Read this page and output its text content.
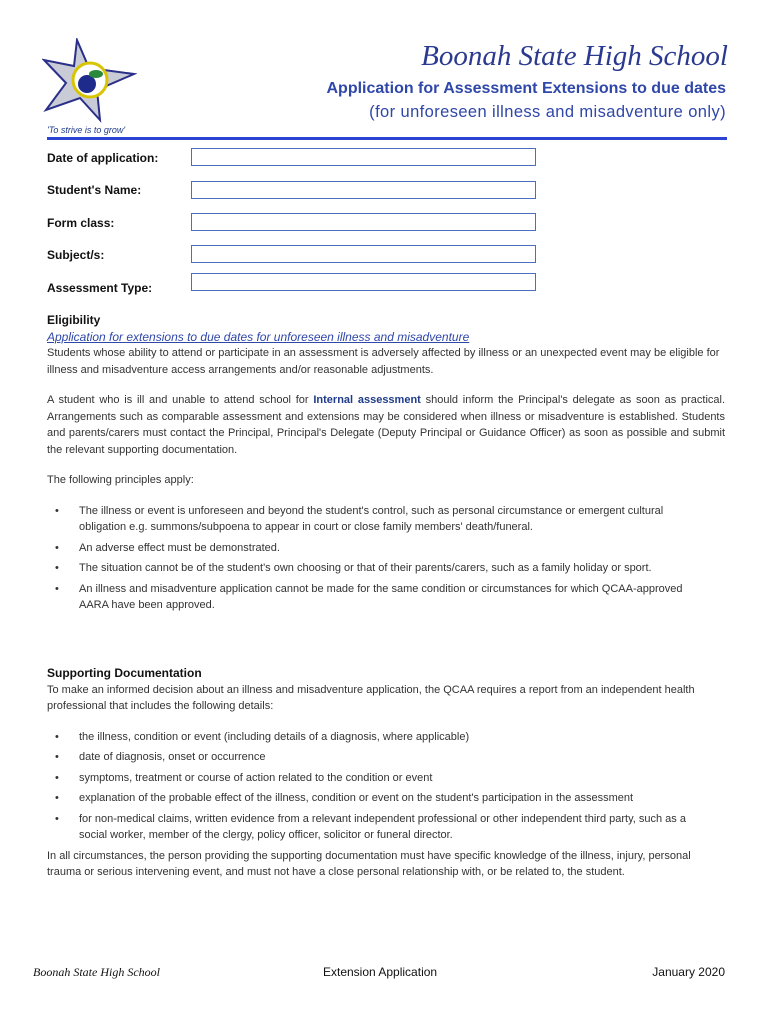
Boonah State High School
Application for Assessment Extensions to due dates
(for unforeseen illness and misadventure only)
'To strive is to grow'
Date of application:
Student's Name:
Form class:
Subject/s:
Assessment Type:
Eligibility
Application for extensions to due dates for unforeseen illness and misadventure
Students whose ability to attend or participate in an assessment is adversely affected by illness or an unexpected event may be eligible for illness and misadventure access arrangements and/or reasonable adjustments.
A student who is ill and unable to attend school for Internal assessment should inform the Principal's delegate as soon as practical. Arrangements such as comparable assessment and extensions may be considered when illness or misadventure is established. Students and parents/carers must contact the Principal, Principal's Delegate (Deputy Principal or Guidance Officer) as soon as possible and submit the relevant supporting documentation.
The following principles apply:
• The illness or event is unforeseen and beyond the student's control, such as personal circumstance or emergent cultural obligation e.g. summons/subpoena to appear in court or close family members' death/funeral.
• An adverse effect must be demonstrated.
• The situation cannot be of the student's own choosing or that of their parents/carers, such as a family holiday or sport.
• An illness and misadventure application cannot be made for the same condition or circumstances for which QCAA-approved AARA have been approved.
Supporting Documentation
To make an informed decision about an illness and misadventure application, the QCAA requires a report from an independent health professional that includes the following details:
• the illness, condition or event (including details of a diagnosis, where applicable)
• date of diagnosis, onset or occurrence
• symptoms, treatment or course of action related to the condition or event
• explanation of the probable effect of the illness, condition or event on the student's participation in the assessment
• for non-medical claims, written evidence from a relevant independent professional or other independent third party, such as a social worker, member of the clergy, policy officer, solicitor or funeral director.
In all circumstances, the person providing the supporting documentation must have specific knowledge of the illness, injury, personal trauma or serious intervening event, and must not have a close personal relationship with, or be related to, the student.
Boonah State High School	Extension Application	January 2020
